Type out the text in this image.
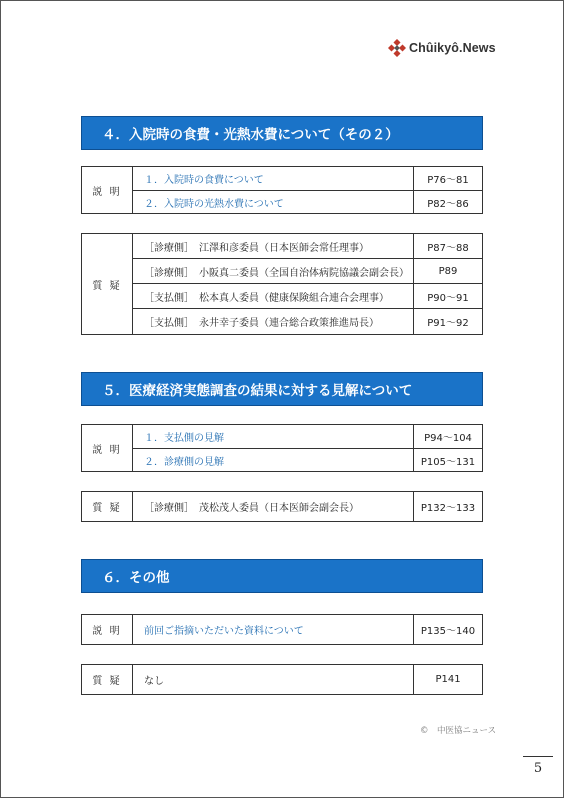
Chûikyô.News
４．入院時の食費・光熱水費について（その２）
説 明
１．入院時の食費について	P76～81
２．入院時の光熱水費について	P82～86
質 疑
［診療側］　江澤和彦委員（日本医師会常任理事）	P87～88
［診療側］　小阪真二委員（全国自治体病院協議会副会長）	P89
［支払側］　松本真人委員（健康保険組合連合会理事）	P90～91
［支払側］　永井幸子委員（連合総合政策推進局長）	P91～92
５．医療経済実態調査の結果に対する見解について
説 明
１．支払側の見解	P94～104
２．診療側の見解	P105～131
質 疑	［診療側］　茂松茂人委員（日本医師会副会長）	P132～133
６．その他
説 明	前回ご指摘いただいた資料について	P135～140
質 疑	なし	P141
©　中医協ニュース
5
